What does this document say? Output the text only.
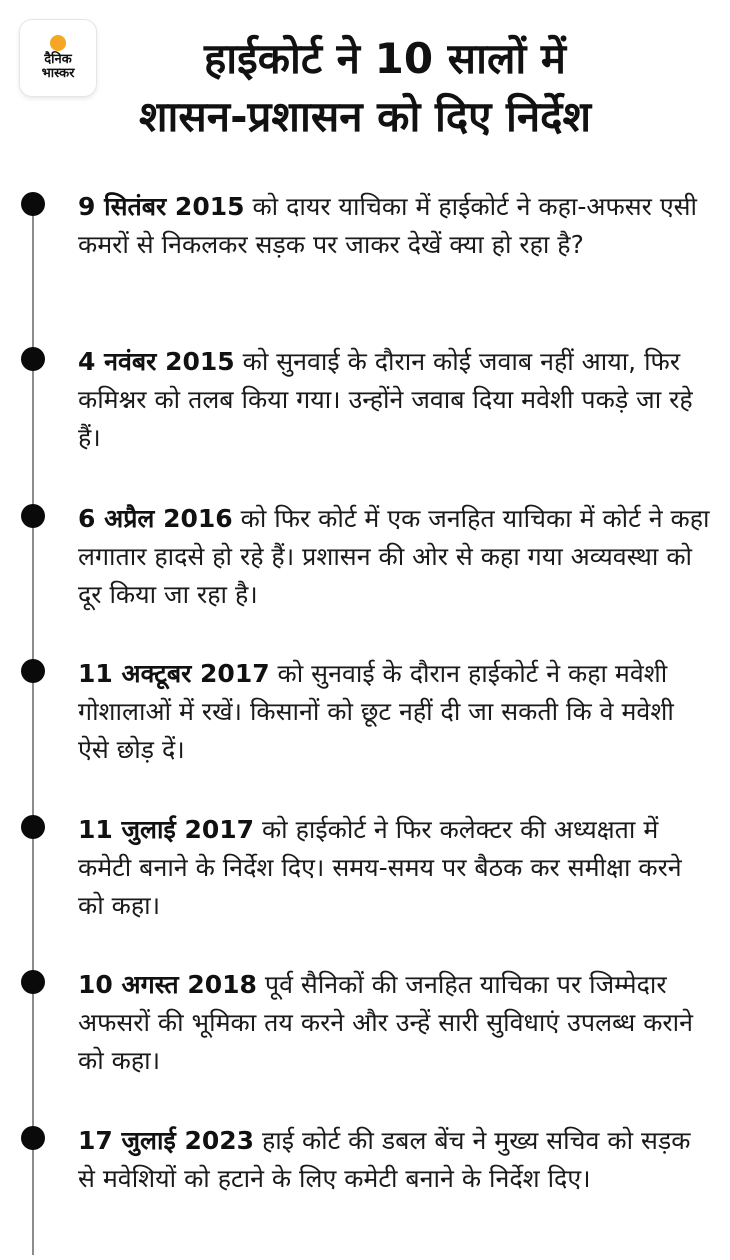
दैनिक
भास्कर	हाईकोर्ट ने 10 सालों में
शासन-प्रशासन को दिए निर्देश
9 सितंबर 2015 को दायर याचिका में हाईकोर्ट ने कहा-अफसर एसी कमरों से निकलकर सड़क पर जाकर देखें क्या हो रहा है?
4 नवंबर 2015 को सुनवाई के दौरान कोई जवाब नहीं आया, फिर कमिश्नर को तलब किया गया। उन्होंने जवाब दिया मवेशी पकड़े जा रहे हैं।
6 अप्रैल 2016 को फिर कोर्ट में एक जनहित याचिका में कोर्ट ने कहा लगातार हादसे हो रहे हैं। प्रशासन की ओर से कहा गया अव्यवस्था को दूर किया जा रहा है।
11 अक्टूबर 2017 को सुनवाई के दौरान हाईकोर्ट ने कहा मवेशी गोशालाओं में रखें। किसानों को छूट नहीं दी जा सकती कि वे मवेशी ऐसे छोड़ दें।
11 जुलाई 2017 को हाईकोर्ट ने फिर कलेक्टर की अध्यक्षता में कमेटी बनाने के निर्देश दिए। समय-समय पर बैठक कर समीक्षा करने को कहा।
10 अगस्त 2018 पूर्व सैनिकों की जनहित याचिका पर जिम्मेदार अफसरों की भूमिका तय करने और उन्हें सारी सुविधाएं उपलब्ध कराने को कहा।
17 जुलाई 2023 हाई कोर्ट की डबल बेंच ने मुख्य सचिव को सड़क से मवेशियों को हटाने के लिए कमेटी बनाने के निर्देश दिए।
